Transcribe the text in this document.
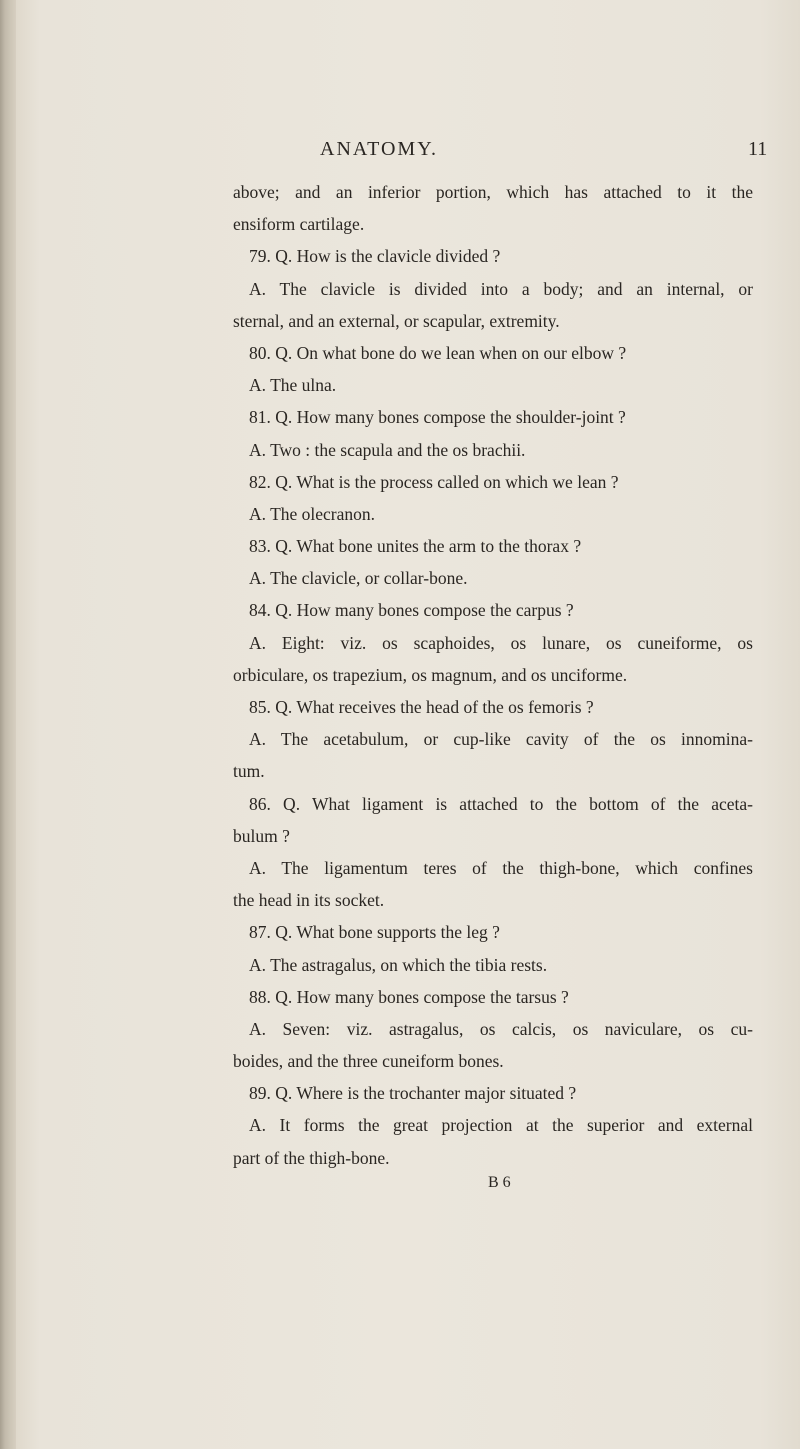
ANATOMY.	11
above; and an inferior portion, which has attached to it the
ensiform cartilage.
79. Q. How is the clavicle divided ?
A. The clavicle is divided into a body; and an internal, or
sternal, and an external, or scapular, extremity.
80. Q. On what bone do we lean when on our elbow ?
A. The ulna.
81. Q. How many bones compose the shoulder-joint ?
A. Two : the scapula and the os brachii.
82. Q. What is the process called on which we lean ?
A. The olecranon.
83. Q. What bone unites the arm to the thorax ?
A. The clavicle, or collar-bone.
84. Q. How many bones compose the carpus ?
A. Eight: viz. os scaphoides, os lunare, os cuneiforme, os
orbiculare, os trapezium, os magnum, and os unciforme.
85. Q. What receives the head of the os femoris ?
A. The acetabulum, or cup-like cavity of the os innomina-
tum.
86. Q. What ligament is attached to the bottom of the aceta-
bulum ?
A. The ligamentum teres of the thigh-bone, which confines
the head in its socket.
87. Q. What bone supports the leg ?
A. The astragalus, on which the tibia rests.
88. Q. How many bones compose the tarsus ?
A. Seven: viz. astragalus, os calcis, os naviculare, os cu-
boides, and the three cuneiform bones.
89. Q. Where is the trochanter major situated ?
A. It forms the great projection at the superior and external
part of the thigh-bone.
B 6
